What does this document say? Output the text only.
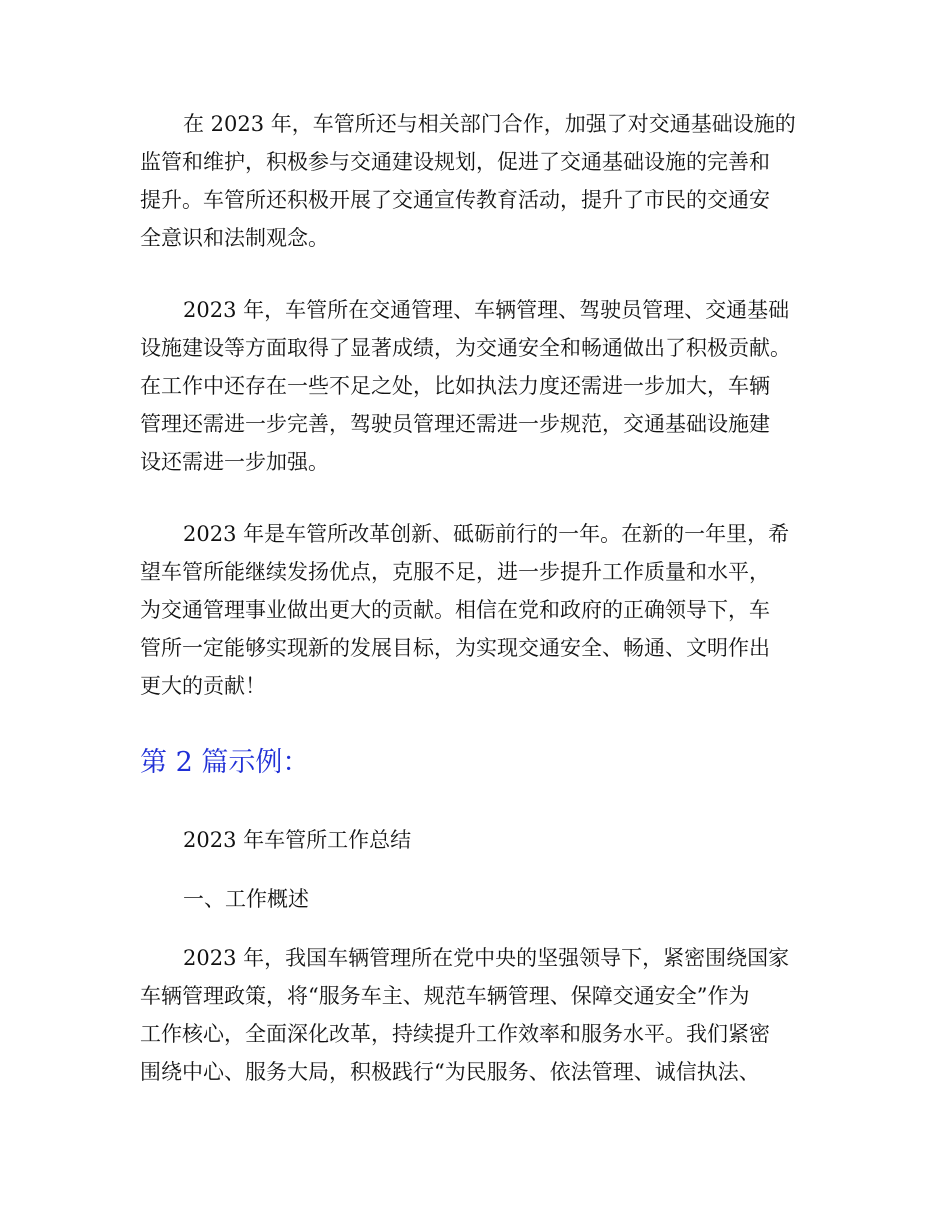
在 2023 年，车管所还与相关部门合作，加强了对交通基础设施的
监管和维护，积极参与交通建设规划，促进了交通基础设施的完善和
提升。车管所还积极开展了交通宣传教育活动，提升了市民的交通安
全意识和法制观念。
2023 年，车管所在交通管理、车辆管理、驾驶员管理、交通基础
设施建设等方面取得了显著成绩，为交通安全和畅通做出了积极贡献。
在工作中还存在一些不足之处，比如执法力度还需进一步加大，车辆
管理还需进一步完善，驾驶员管理还需进一步规范，交通基础设施建
设还需进一步加强。
2023 年是车管所改革创新、砥砺前行的一年。在新的一年里，希
望车管所能继续发扬优点，克服不足，进一步提升工作质量和水平，
为交通管理事业做出更大的贡献。相信在党和政府的正确领导下，车
管所一定能够实现新的发展目标，为实现交通安全、畅通、文明作出
更大的贡献！
第 2 篇示例：
2023 年车管所工作总结
一、工作概述
2023 年，我国车辆管理所在党中央的坚强领导下，紧密围绕国家
车辆管理政策，将“服务车主、规范车辆管理、保障交通安全”作为
工作核心，全面深化改革，持续提升工作效率和服务水平。我们紧密
围绕中心、服务大局，积极践行“为民服务、依法管理、诚信执法、
